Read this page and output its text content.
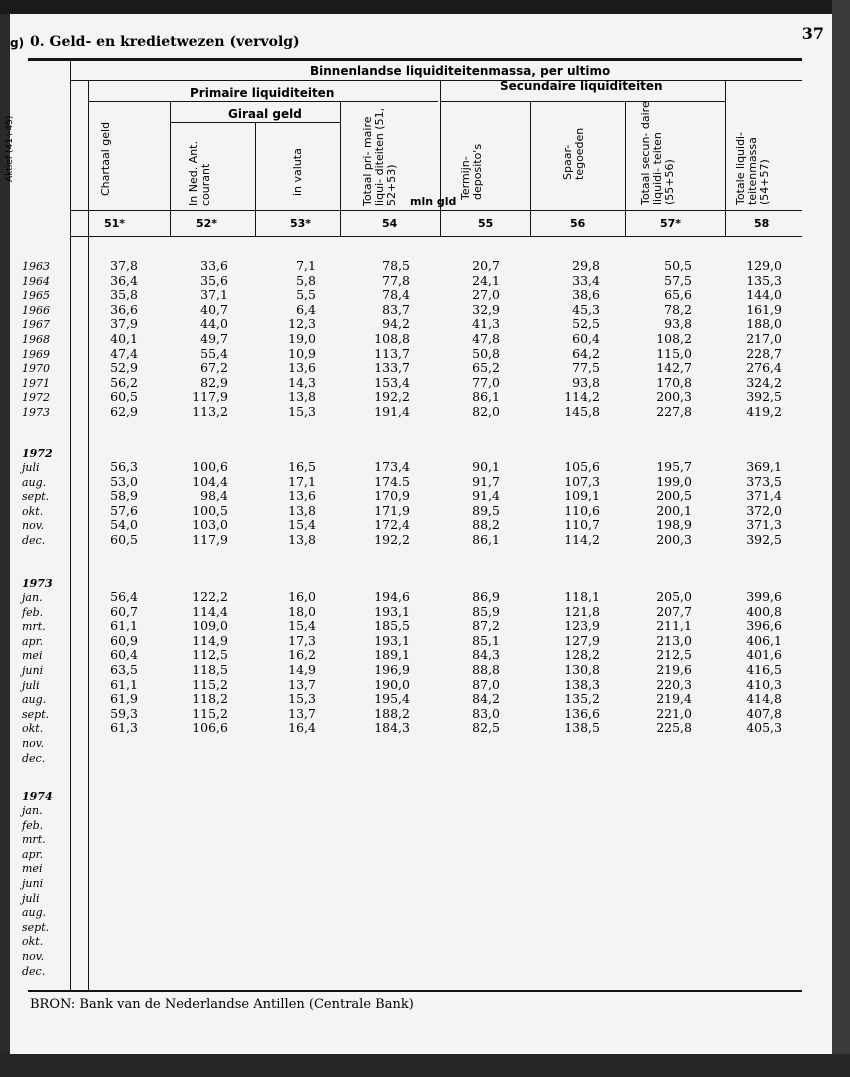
g)
Aktief (41+45)
0. Geld- en kredietwezen (vervolg)	37
Binnenlandse liquiditeitenmassa, per ultimo
Primaire liquiditeiten	Secundaire liquiditeiten
Giraal geld
mln gld
Chartaal geld	In Ned. Ant. courant	in valuta	Totaal pri- maire liqui- diteiten (51, 52+53)	Termijn- deposito's	Spaar- tegoeden	Totaal secun- daire liquidi- teiten (55+56)	Totale liquidi- teitenmassa (54+57)
51*	52*	53*	54	55	56	57*	58
1963	37,8	33,6	7,1	78,5	20,7	29,8	50,5	129,0
1964	36,4	35,6	5,8	77,8	24,1	33,4	57,5	135,3
1965	35,8	37,1	5,5	78,4	27,0	38,6	65,6	144,0
1966	36,6	40,7	6,4	83,7	32,9	45,3	78,2	161,9
1967	37,9	44,0	12,3	94,2	41,3	52,5	93,8	188,0
1968	40,1	49,7	19,0	108,8	47,8	60,4	108,2	217,0
1969	47,4	55,4	10,9	113,7	50,8	64,2	115,0	228,7
1970	52,9	67,2	13,6	133,7	65,2	77,5	142,7	276,4
1971	56,2	82,9	14,3	153,4	77,0	93,8	170,8	324,2
1972	60,5	117,9	13,8	192,2	86,1	114,2	200,3	392,5
1973	62,9	113,2	15,3	191,4	82,0	145,8	227,8	419,2
1972
juli	56,3	100,6	16,5	173,4	90,1	105,6	195,7	369,1
aug.	53,0	104,4	17,1	174.5	91,7	107,3	199,0	373,5
sept.	58,9	98,4	13,6	170,9	91,4	109,1	200,5	371,4
okt.	57,6	100,5	13,8	171,9	89,5	110,6	200,1	372,0
nov.	54,0	103,0	15,4	172,4	88,2	110,7	198,9	371,3
dec.	60,5	117,9	13,8	192,2	86,1	114,2	200,3	392,5
1973
jan.	56,4	122,2	16,0	194,6	86,9	118,1	205,0	399,6
feb.	60,7	114,4	18,0	193,1	85,9	121,8	207,7	400,8
mrt.	61,1	109,0	15,4	185,5	87,2	123,9	211,1	396,6
apr.	60,9	114,9	17,3	193,1	85,1	127,9	213,0	406,1
mei	60,4	112,5	16,2	189,1	84,3	128,2	212,5	401,6
juni	63,5	118,5	14,9	196,9	88,8	130,8	219,6	416,5
juli	61,1	115,2	13,7	190,0	87,0	138,3	220,3	410,3
aug.	61,9	118,2	15,3	195,4	84,2	135,2	219,4	414,8
sept.	59,3	115,2	13,7	188,2	83,0	136,6	221,0	407,8
okt.	61,3	106,6	16,4	184,3	82,5	138,5	225,8	405,3
nov.
dec.
1974
jan.
feb.
mrt.
apr.
mei
juni
juli
aug.
sept.
okt.
nov.
dec.
BRON: Bank van de Nederlandse Antillen (Centrale Bank)
